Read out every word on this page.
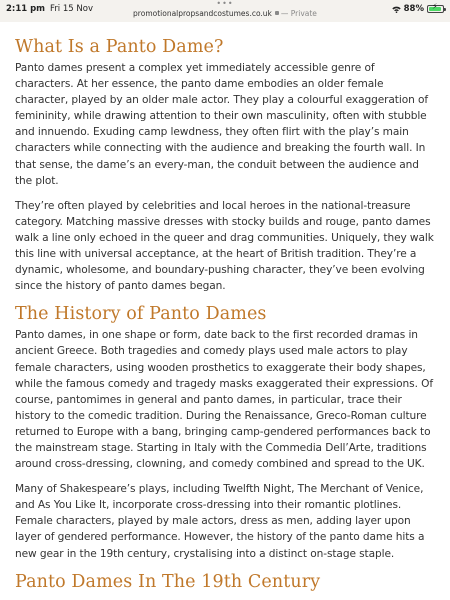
2:11 pm Fri 15 Nov
•••
promotionalpropsandcostumes.co.uk — Private	88% ⚡
What Is a Panto Dame?

Panto dames present a complex yet immediately accessible genre of characters. At her essence, the panto dame embodies an older female character, played by an older male actor. They play a colourful exaggeration of femininity, while drawing attention to their own masculinity, often with stubble and innuendo. Exuding camp lewdness, they often flirt with the play’s main characters while connecting with the audience and breaking the fourth wall. In that sense, the dame’s an every-man, the conduit between the audience and the plot.

They’re often played by celebrities and local heroes in the national-treasure category. Matching massive dresses with stocky builds and rouge, panto dames walk a line only echoed in the queer and drag communities. Uniquely, they walk this line with universal acceptance, at the heart of British tradition. They’re a dynamic, wholesome, and boundary-pushing character, they’ve been evolving since the history of panto dames began.

The History of Panto Dames

Panto dames, in one shape or form, date back to the first recorded dramas in ancient Greece. Both tragedies and comedy plays used male actors to play female characters, using wooden prosthetics to exaggerate their body shapes, while the famous comedy and tragedy masks exaggerated their expressions. Of course, pantomimes in general and panto dames, in particular, trace their history to the comedic tradition. During the Renaissance, Greco-Roman culture returned to Europe with a bang, bringing camp-gendered performances back to the mainstream stage. Starting in Italy with the Commedia Dell’Arte, traditions around cross-dressing, clowning, and comedy combined and spread to the UK.

Many of Shakespeare’s plays, including Twelfth Night, The Merchant of Venice, and As You Like It, incorporate cross-dressing into their romantic plotlines. Female characters, played by male actors, dress as men, adding layer upon layer of gendered performance. However, the history of the panto dame hits a new gear in the 19th century, crystalising into a distinct on-stage staple.

Panto Dames In The 19th Century
